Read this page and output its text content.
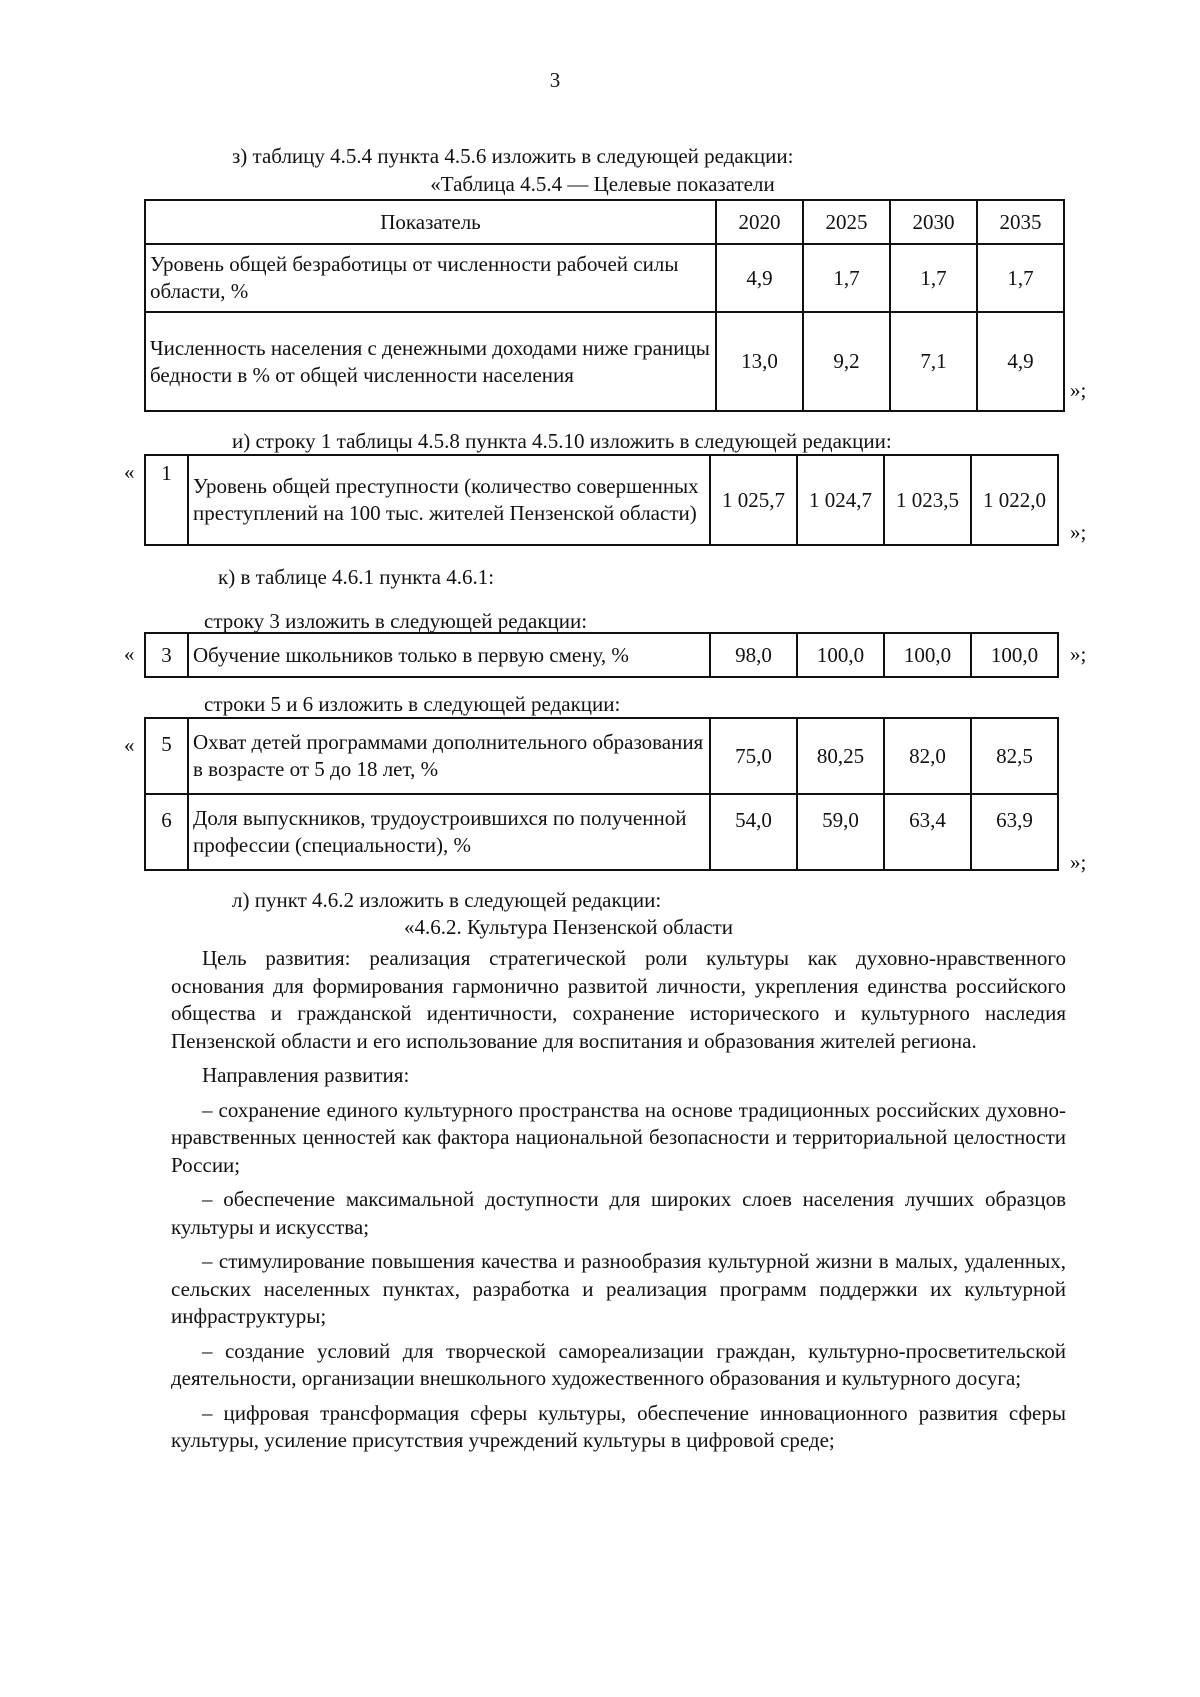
3
з) таблицу 4.5.4 пункта 4.5.6 изложить в следующей редакции:
«Таблица 4.5.4 — Целевые показатели
Показатель	2020	2025	2030	2035
Уровень общей безработицы от численности рабочей силы области, %	4,9	1,7	1,7	1,7
Численность населения с денежными доходами ниже границы бедности в % от общей численности населения	13,0	9,2	7,1	4,9
»;
и) строку 1 таблицы 4.5.8 пункта 4.5.10 изложить в следующей редакции:
« 1	Уровень общей преступности (количество совершенных преступлений на 100 тыс. жителей Пензенской области)	1 025,7	1 024,7	1 023,5	1 022,0
»;
к) в таблице 4.6.1 пункта 4.6.1:
строку 3 изложить в следующей редакции:
« 3	Обучение школьников только в первую смену, %	98,0	100,0	100,0	100,0 »;
строки 5 и 6 изложить в следующей редакции:
« 5	Охват детей программами дополнительного образования в возрасте от 5 до 18 лет, %	75,0	80,25	82,0	82,5
6	Доля выпускников, трудоустроившихся по полученной профессии (специальности), %	54,0	59,0	63,4	63,9
»;
л) пункт 4.6.2 изложить в следующей редакции:
«4.6.2. Культура Пензенской области

Цель развития: реализация стратегической роли культуры как духовно-нравственного основания для формирования гармонично развитой личности, укрепления единства российского общества и гражданской идентичности, сохранение исторического и культурного наследия Пензенской области и его использование для воспитания и образования жителей региона.

Направления развития:

– сохранение единого культурного пространства на основе традиционных российских духовно-нравственных ценностей как фактора национальной безопасности и территориальной целостности России;

– обеспечение максимальной доступности для широких слоев населения лучших образцов культуры и искусства;

– стимулирование повышения качества и разнообразия культурной жизни в малых, удаленных, сельских населенных пунктах, разработка и реализация программ поддержки их культурной инфраструктуры;

– создание условий для творческой самореализации граждан, культурно-просветительской деятельности, организации внешкольного художественного образования и культурного досуга;

– цифровая трансформация сферы культуры, обеспечение инновационного развития сферы культуры, усиление присутствия учреждений культуры в цифровой среде;
